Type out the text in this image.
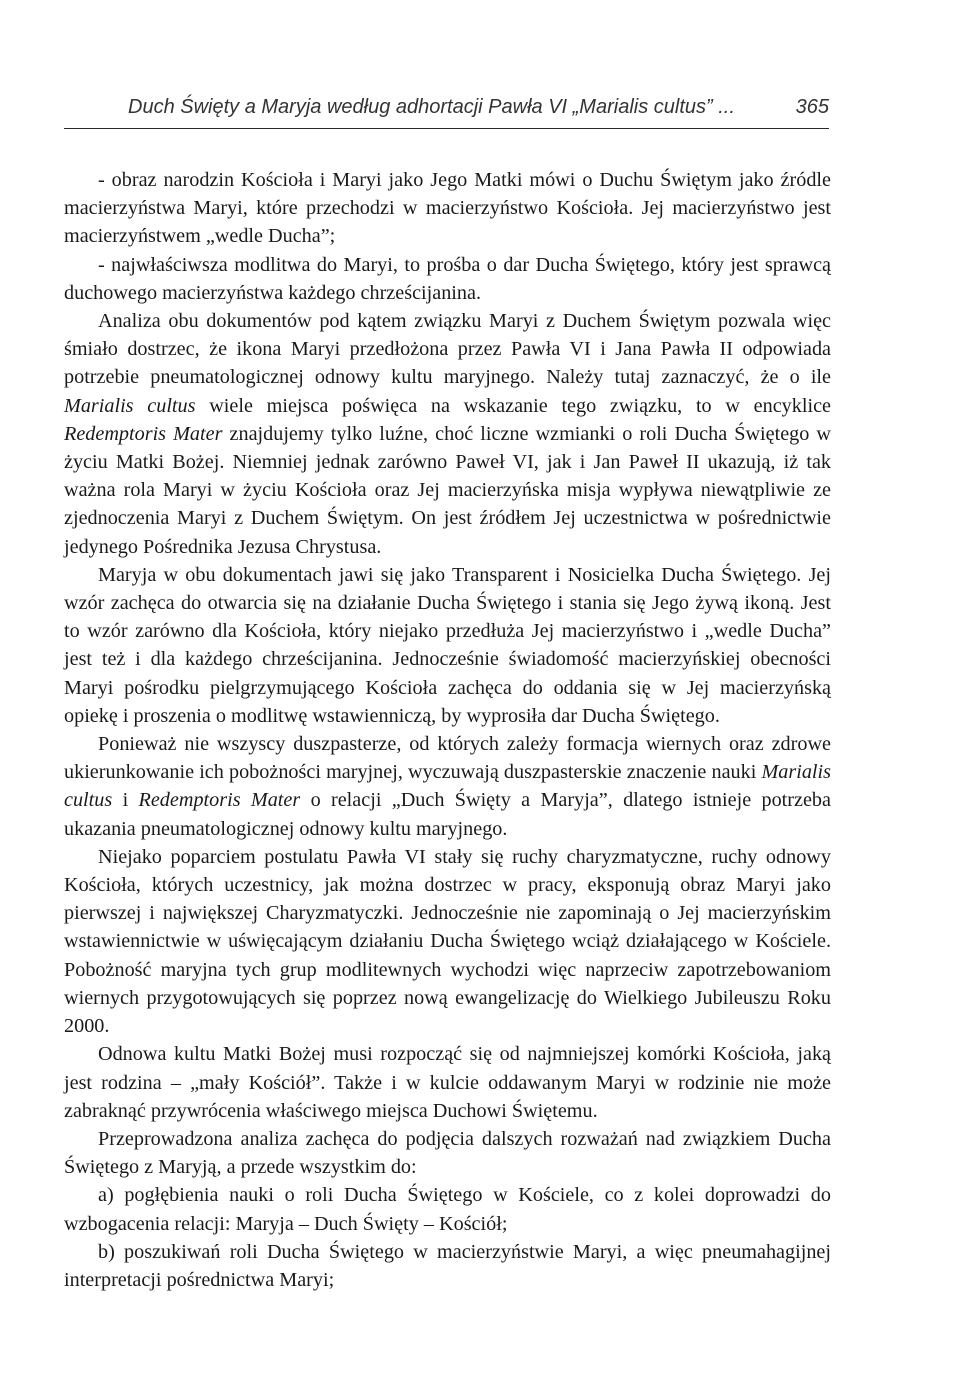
Duch Święty a Maryja według adhortacji Pawła VI „Marialis cultus” ...	365

- obraz narodzin Kościoła i Maryi jako Jego Matki mówi o Duchu Świętym jako źródle macierzyństwa Maryi, które przechodzi w macierzyństwo Kościoła. Jej macierzyństwo jest macierzyństwem „wedle Ducha”;

- najwłaściwsza modlitwa do Maryi, to prośba o dar Ducha Świętego, który jest sprawcą duchowego macierzyństwa każdego chrześcijanina.

Analiza obu dokumentów pod kątem związku Maryi z Duchem Świętym pozwala więc śmiało dostrzec, że ikona Maryi przedłożona przez Pawła VI i Jana Pawła II odpowiada potrzebie pneumatologicznej odnowy kultu maryjnego. Należy tutaj zaznaczyć, że o ile Marialis cultus wiele miejsca poświęca na wskazanie tego związku, to w encyklice Redemptoris Mater znajdujemy tylko luźne, choć liczne wzmianki o roli Ducha Świętego w życiu Matki Bożej. Niemniej jednak zarówno Paweł VI, jak i Jan Paweł II ukazują, iż tak ważna rola Maryi w życiu Kościoła oraz Jej macierzyńska misja wypływa niewątpliwie ze zjednoczenia Maryi z Duchem Świętym. On jest źródłem Jej uczestnictwa w pośrednictwie jedynego Pośrednika Jezusa Chrystusa.

Maryja w obu dokumentach jawi się jako Transparent i Nosicielka Ducha Świętego. Jej wzór zachęca do otwarcia się na działanie Ducha Świętego i stania się Jego żywą ikoną. Jest to wzór zarówno dla Kościoła, który niejako przedłuża Jej macierzyństwo i „wedle Ducha” jest też i dla każdego chrześcijanina. Jednocześnie świadomość macierzyńskiej obecności Maryi pośrodku pielgrzymującego Kościoła zachęca do oddania się w Jej macierzyńską opiekę i proszenia o modlitwę wstawienniczą, by wyprosiła dar Ducha Świętego.

Ponieważ nie wszyscy duszpasterze, od których zależy formacja wiernych oraz zdrowe ukierunkowanie ich pobożności maryjnej, wyczuwają duszpasterskie znaczenie nauki Marialis cultus i Redemptoris Mater o relacji „Duch Święty a Maryja”, dlatego istnieje potrzeba ukazania pneumatologicznej odnowy kultu maryjnego.

Niejako poparciem postulatu Pawła VI stały się ruchy charyzmatyczne, ruchy odnowy Kościoła, których uczestnicy, jak można dostrzec w pracy, eksponują obraz Maryi jako pierwszej i największej Charyzmatyczki. Jednocześnie nie zapominają o Jej macierzyńskim wstawiennictwie w uświęcającym działaniu Ducha Świętego wciąż działającego w Kościele. Pobożność maryjna tych grup modlitewnych wychodzi więc naprzeciw zapotrzebowaniom wiernych przygotowujących się poprzez nową ewangelizację do Wielkiego Jubileuszu Roku 2000.

Odnowa kultu Matki Bożej musi rozpocząć się od najmniejszej komórki Kościoła, jaką jest rodzina – „mały Kościół”. Także i w kulcie oddawanym Maryi w rodzinie nie może zabraknąć przywrócenia właściwego miejsca Duchowi Świętemu.

Przeprowadzona analiza zachęca do podjęcia dalszych rozważań nad związkiem Ducha Świętego z Maryją, a przede wszystkim do:

a) pogłębienia nauki o roli Ducha Świętego w Kościele, co z kolei doprowadzi do wzbogacenia relacji: Maryja – Duch Święty – Kościół;

b) poszukiwań roli Ducha Świętego w macierzyństwie Maryi, a więc pneumahagijnej interpretacji pośrednictwa Maryi;
